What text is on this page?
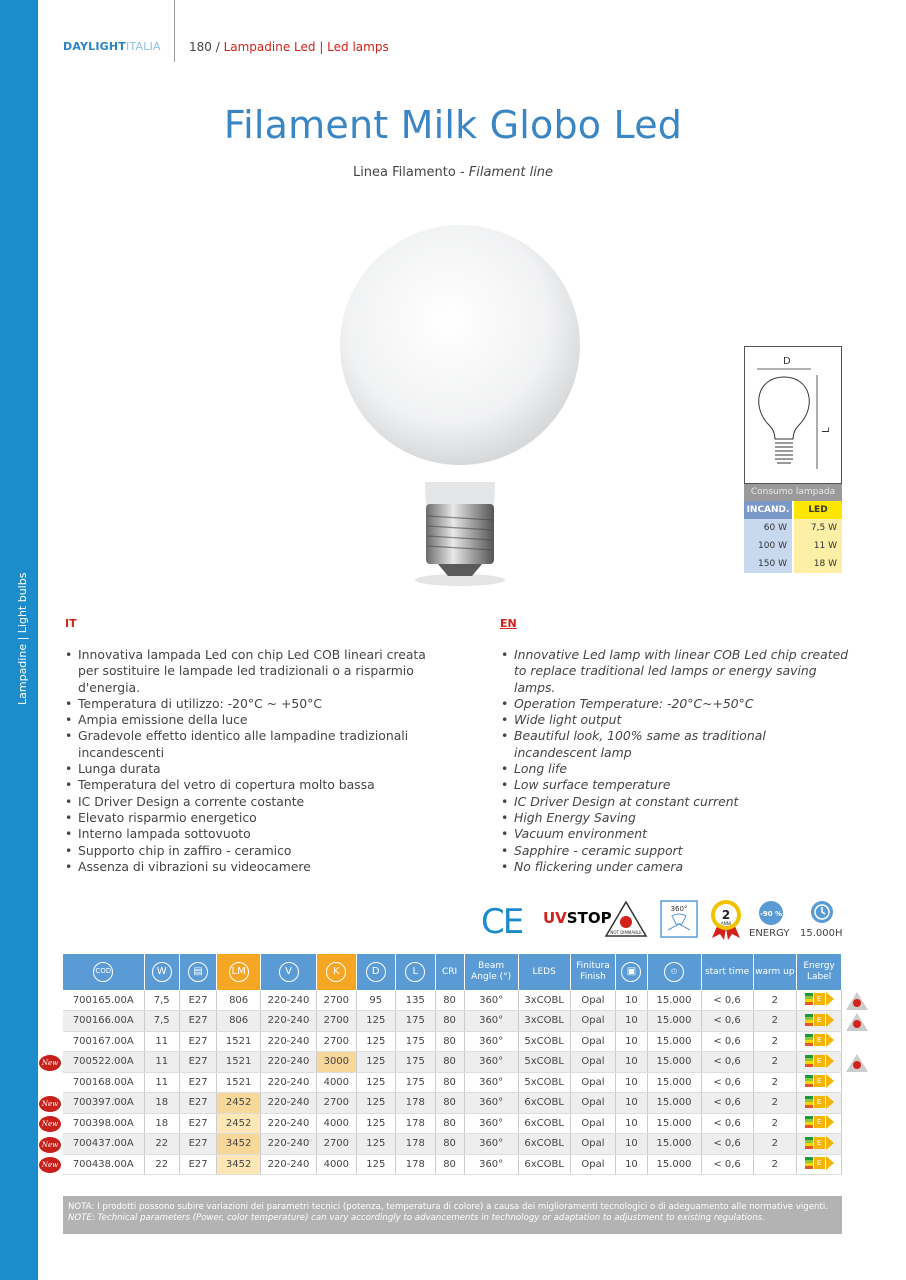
Lampadine | Light bulbs
DAYLIGHTITALIA 180 / Lampadine Led | Led lamps
Filament Milk Globo Led
Linea Filamento - Filament line
D
L
Consumo lampada
INCAND.	LED
60 W	7,5 W
100 W	11 W
150 W	18 W
IT
• Innovativa lampada Led con chip Led COB lineari creata per sostituire le lampade led tradizionali o a risparmio d'energia.
• Temperatura di utilizzo: -20°C ~ +50°C
• Ampia emissione della luce
• Gradevole effetto identico alle lampadine tradizionali incandescenti
• Lunga durata
• Temperatura del vetro di copertura molto bassa
• IC Driver Design a corrente costante
• Elevato risparmio energetico
• Interno lampada sottovuoto
• Supporto chip in zaffiro - ceramico
• Assenza di vibrazioni su videocamere
EN
• Innovative Led lamp with linear COB Led chip created to replace traditional led lamps or energy saving lamps.
• Operation Temperature: -20°C~+50°C
• Wide light output
• Beautiful look, 100% same as traditional incandescent lamp
• Long life
• Low surface temperature
• IC Driver Design at constant current
• High Energy Saving
• Vacuum environment
• Sapphire - ceramic support
• No flickering under camera
CE UVSTOP
NOT DIMMABLE
360°	2
ANNI
-90 %
ENERGY 15.000H
COD	W	▤	LM	V	K	D	L	CRI	Beam Angle (°)	LEDS	Finitura Finish	▣	◴	start time	warm up	Energy Label
700165.00A	7,5	E27	806	220-240	2700	95	135	80	360°	3xCOBL	Opal	10	15.000	< 0,6	2	E

700166.00A	7,5	E27	806	220-240	2700	125	175	80	360°	3xCOBL	Opal	10	15.000	< 0,6	2	E

700167.00A	11	E27	1521	220-240	2700	125	175	80	360°	5xCOBL	Opal	10	15.000	< 0,6	2	E

700522.00A	11	E27	1521	220-240	3000	125	175	80	360°	5xCOBL	Opal	10	15.000	< 0,6	2	E

700168.00A	11	E27	1521	220-240	4000	125	175	80	360°	5xCOBL	Opal	10	15.000	< 0,6	2	E

700397.00A	18	E27	2452	220-240	2700	125	178	80	360°	6xCOBL	Opal	10	15.000	< 0,6	2	E

700398.00A	18	E27	2452	220-240	4000	125	178	80	360°	6xCOBL	Opal	10	15.000	< 0,6	2	E

700437.00A	22	E27	3452	220-240	2700	125	178	80	360°	6xCOBL	Opal	10	15.000	< 0,6	2	E

700438.00A	22	E27	3452	220-240	4000	125	178	80	360°	6xCOBL	Opal	10	15.000	< 0,6	2	E
New
New
New
New
New
NOTA: I prodotti possono subire variazioni dei parametri tecnici (potenza, temperatura di colore) a causa dei miglioramenti tecnologici o di adeguamento alle normative vigenti. NOTE: Technical parameters (Power, color temperature) can vary accordingly to advancements in technology or adaptation to adjustment to existing regulations.
